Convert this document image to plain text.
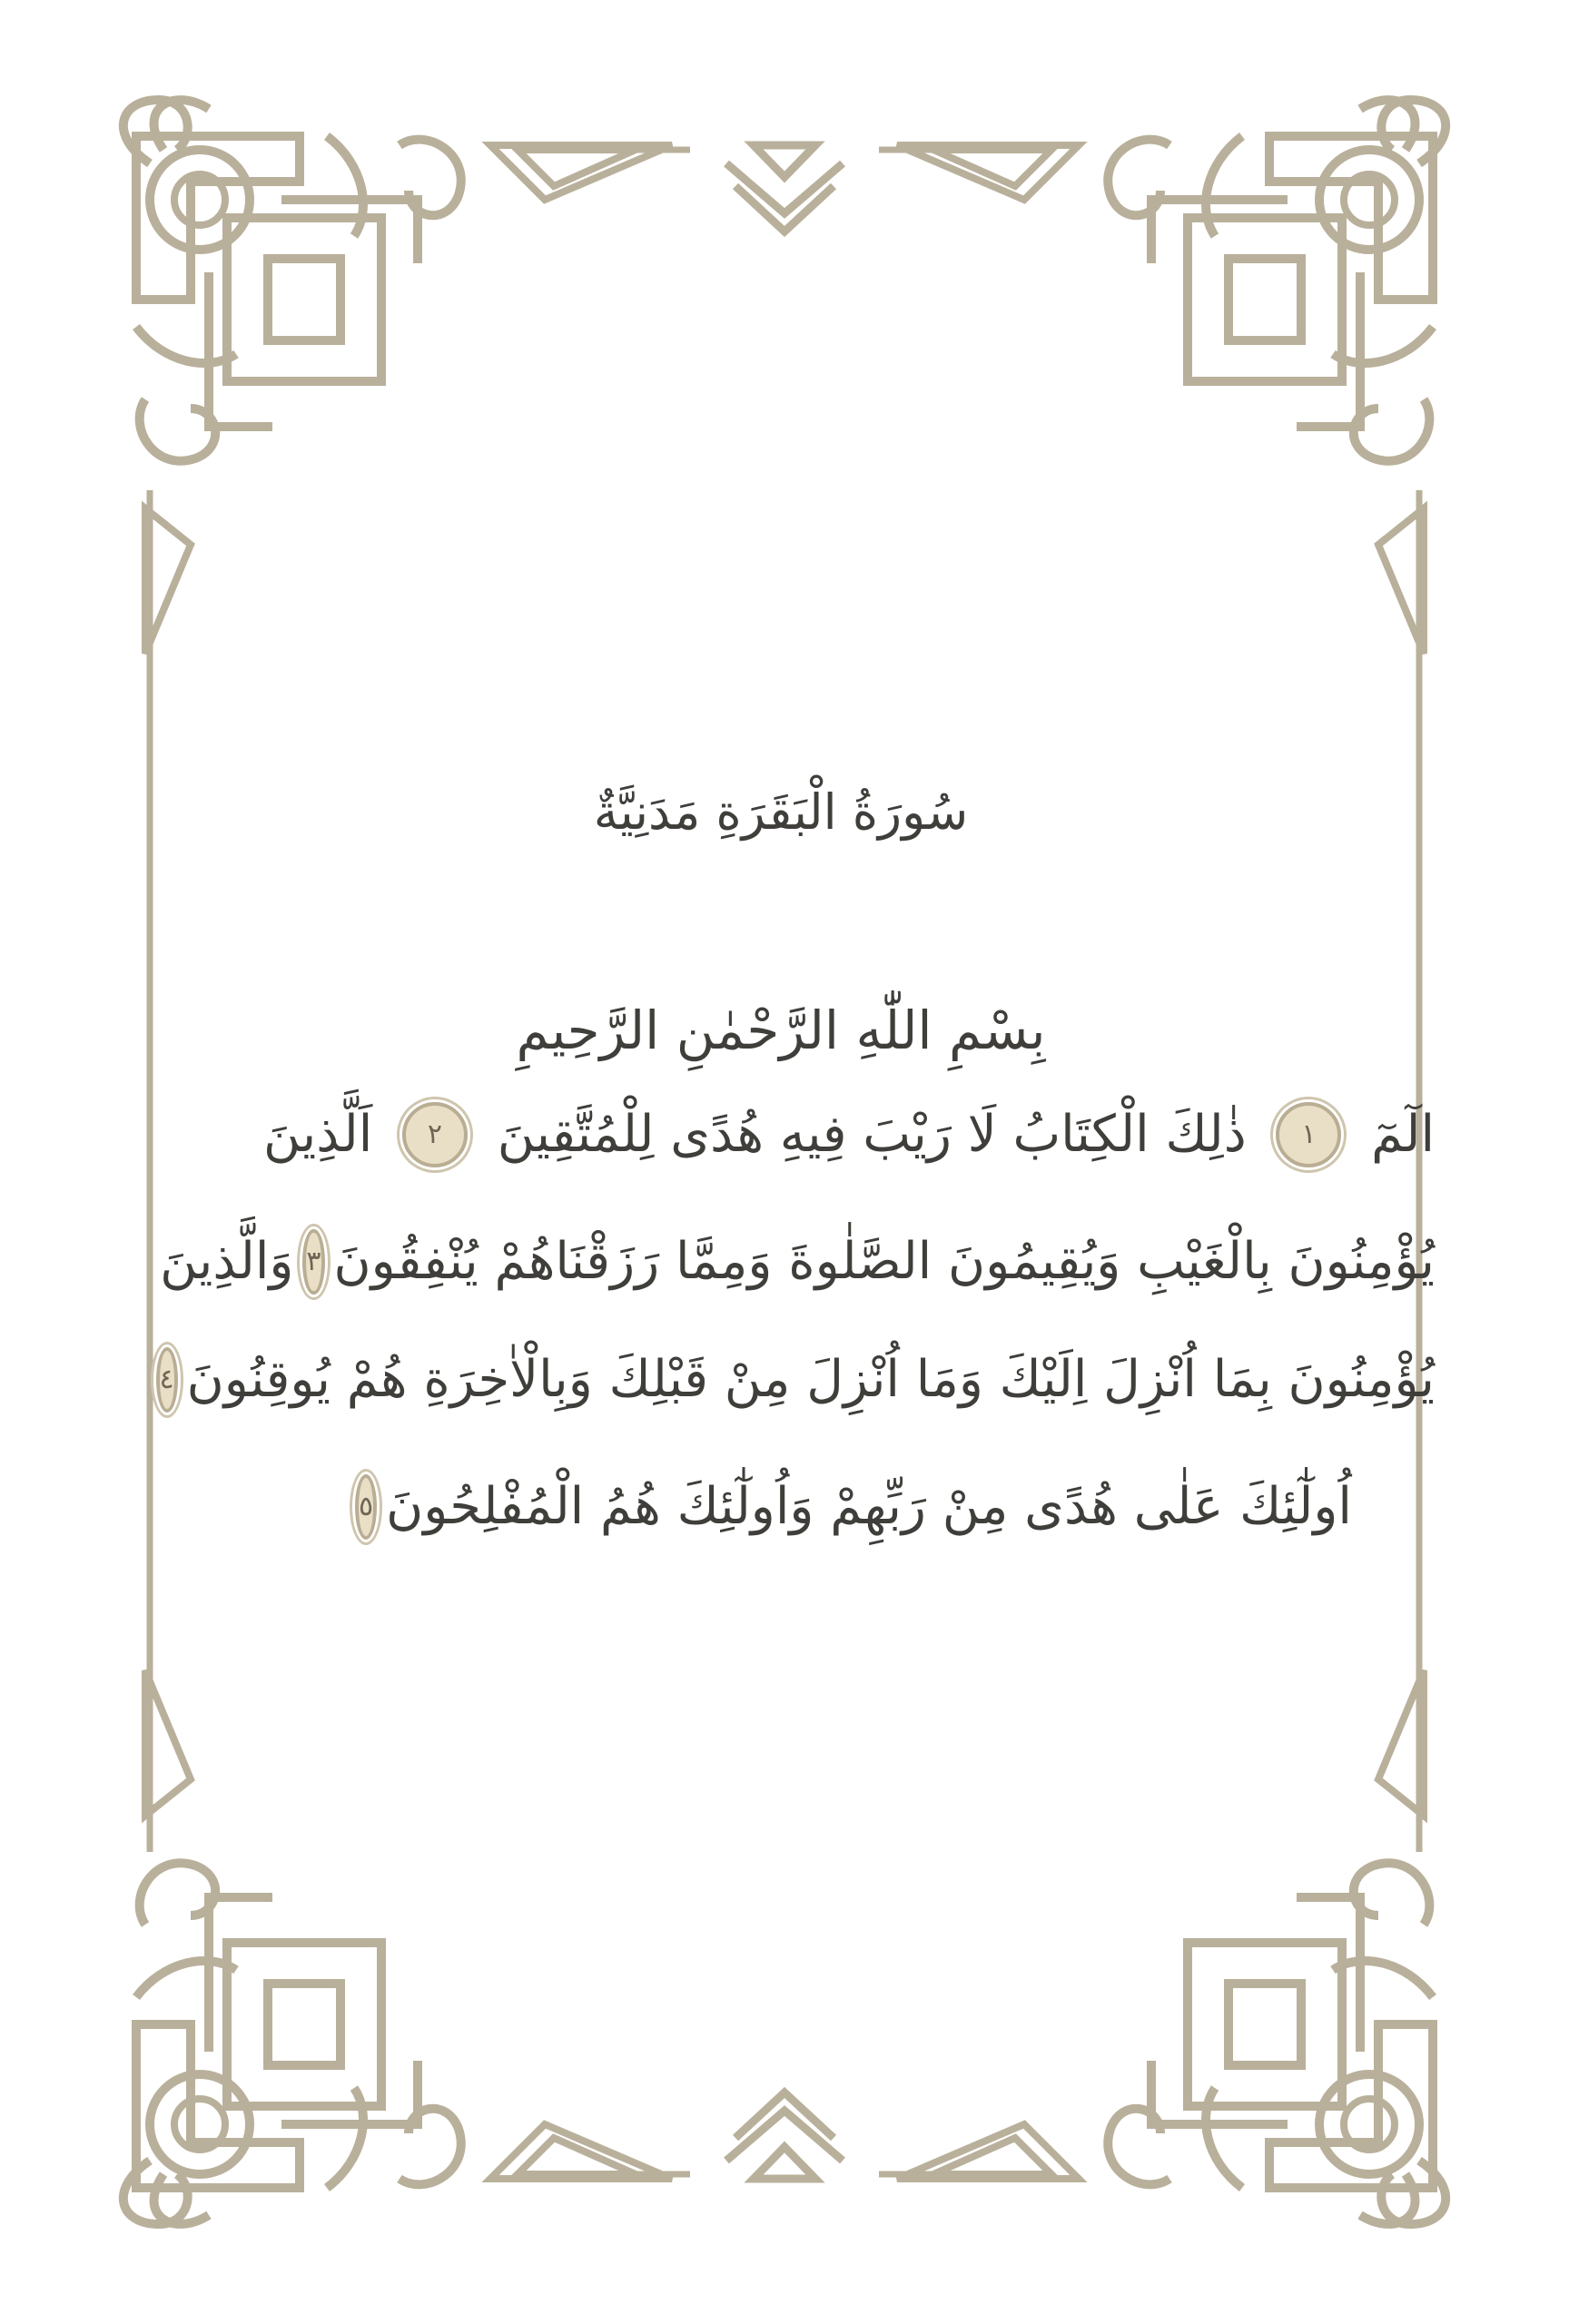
سُورَةُ الْبَقَرَةِ مَدَنِيَّةٌ
بِسْمِ اللّٰهِ الرَّحْمٰنِ الرَّحِيمِ
الٓمٓ
١
ذٰلِكَ الْكِتَابُ لَا رَيْبَ فِيهِ هُدًى لِلْمُتَّقِينَ
٢
اَلَّذِينَ
يُؤْمِنُونَ بِالْغَيْبِ وَيُقِيمُونَ الصَّلٰوةَ وَمِمَّا رَزَقْنَاهُمْ يُنْفِقُونَ
٣
وَالَّذِينَ
يُؤْمِنُونَ بِمَا اُنْزِلَ اِلَيْكَ وَمَا اُنْزِلَ مِنْ قَبْلِكَ وَبِالْاٰخِرَةِ هُمْ يُوقِنُونَ
٤
اُولٰٓئِكَ عَلٰى هُدًى مِنْ رَبِّهِمْ وَاُولٰٓئِكَ هُمُ الْمُفْلِحُونَ
٥
